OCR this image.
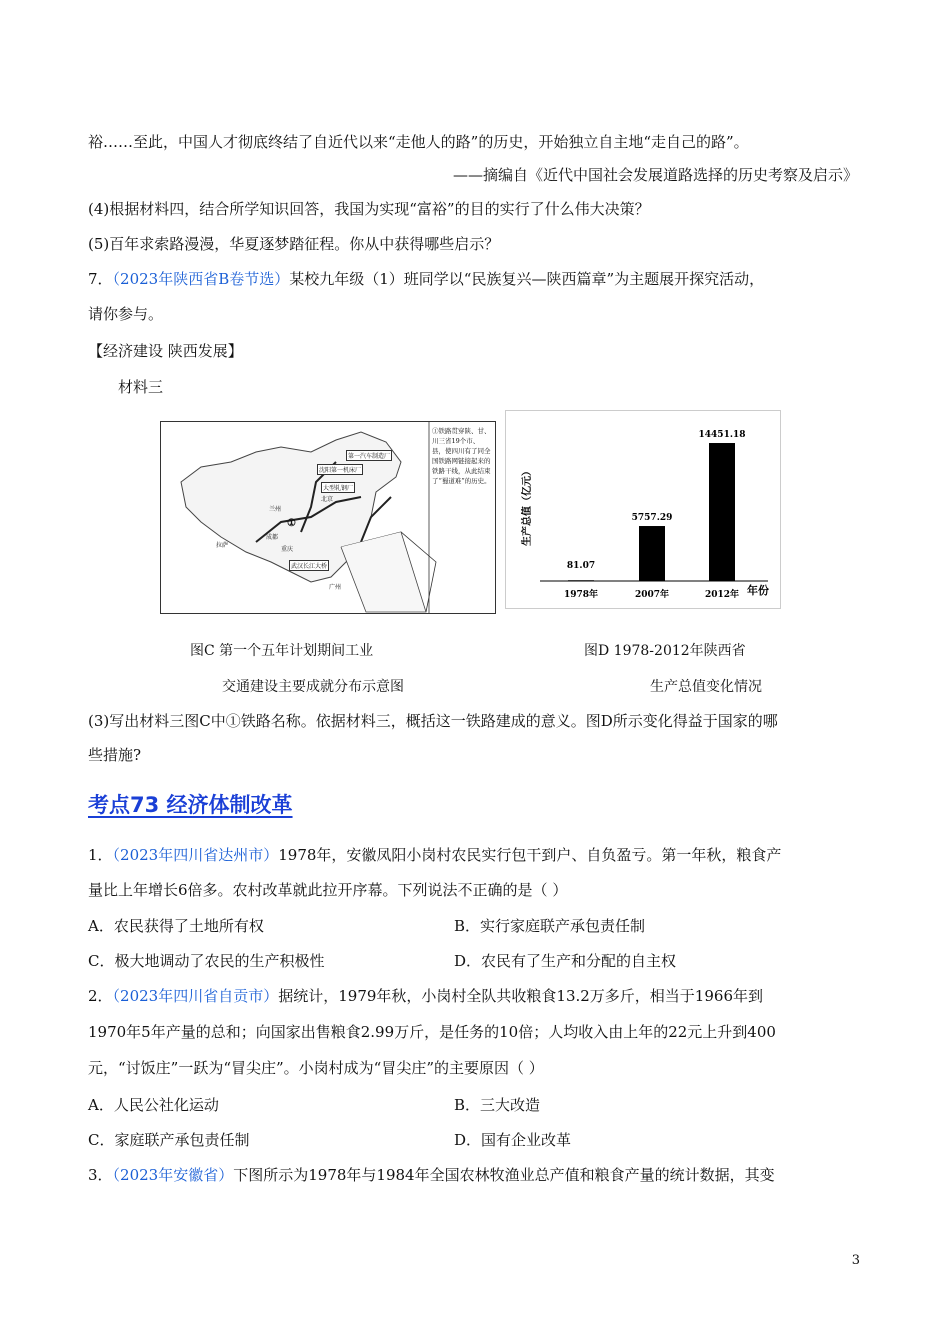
裕……至此，中国人才彻底终结了自近代以来“走他人的路”的历史，开始独立自主地“走自己的路”。
——摘编自《近代中国社会发展道路选择的历史考察及启示》
(4)根据材料四，结合所学知识回答，我国为实现“富裕”的目的实行了什么伟大决策？
(5)百年求索路漫漫，华夏逐梦踏征程。你从中获得哪些启示？
7．（2023年陕西省B卷节选）某校九年级（1）班同学以“民族复兴—陕西篇章”为主题展开探究活动，
请你参与。
【经济建设 陕西发展】
材料三
沈阳第一机床厂
第一汽车制造厂
大型轧钢厂
北京
成都
武汉长江大桥
广州
拉萨
兰州
重庆
①
①铁路贯穿陕、甘、川三省19个市、县，使四川有了同全国铁路网链接起来的铁路干线，从此结束了“蜀道难”的历史。	生产总值（亿元）
年份
81.07
1978年
5757.29
2007年
14451.18
2012年
图C 第一个五年计划期间工业
交通建设主要成就分布示意图
图D 1978-2012年陕西省
生产总值变化情况
(3)写出材料三图C中①铁路名称。依据材料三，概括这一铁路建成的意义。图D所示变化得益于国家的哪
些措施?
考点73 经济体制改革
1．（2023年四川省达州市）1978年，安徽凤阳小岗村农民实行包干到户、自负盈亏。第一年秋，粮食产
量比上年增长6倍多。农村改革就此拉开序幕。下列说法不正确的是（ ）
A．农民获得了土地所有权	B．实行家庭联产承包责任制
C．极大地调动了农民的生产积极性	D．农民有了生产和分配的自主权
2．（2023年四川省自贡市）据统计，1979年秋，小岗村全队共收粮食13.2万多斤，相当于1966年到
1970年5年产量的总和；向国家出售粮食2.99万斤，是任务的10倍；人均收入由上年的22元上升到400
元，“讨饭庄”一跃为“冒尖庄”。小岗村成为“冒尖庄”的主要原因（ ）
A．人民公社化运动	B．三大改造
C．家庭联产承包责任制	D．国有企业改革
3．（2023年安徽省）下图所示为1978年与1984年全国农林牧渔业总产值和粮食产量的统计数据，其变
3
